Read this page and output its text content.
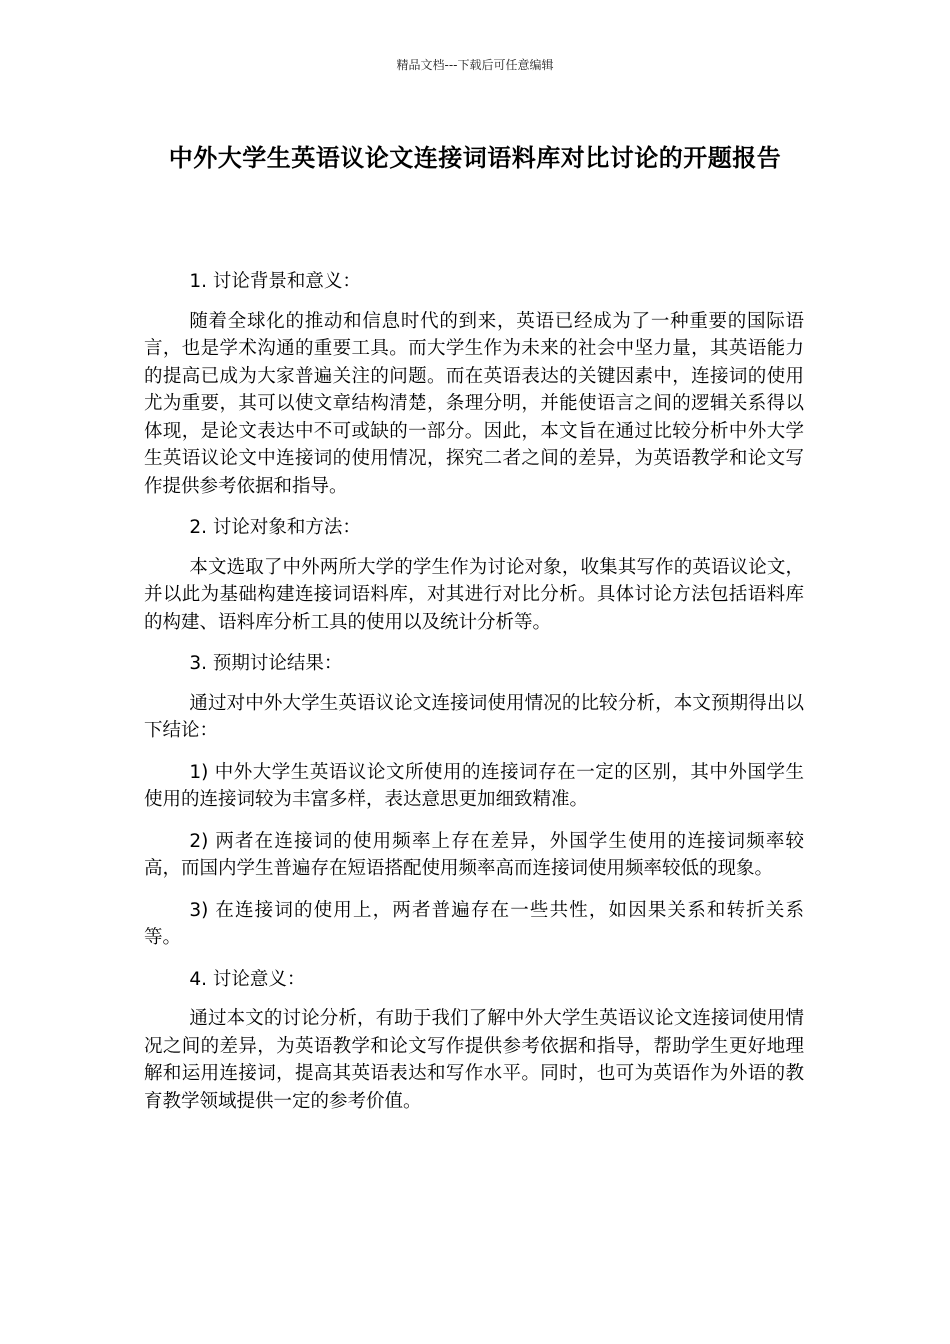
精品文档---下载后可任意编辑
中外大学生英语议论文连接词语料库对比讨论的开题报告

1. 讨论背景和意义：

随着全球化的推动和信息时代的到来，英语已经成为了一种重要的国际语言，也是学术沟通的重要工具。而大学生作为未来的社会中坚力量，其英语能力的提高已成为大家普遍关注的问题。而在英语表达的关键因素中，连接词的使用尤为重要，其可以使文章结构清楚，条理分明，并能使语言之间的逻辑关系得以体现，是论文表达中不可或缺的一部分。因此，本文旨在通过比较分析中外大学生英语议论文中连接词的使用情况，探究二者之间的差异，为英语教学和论文写作提供参考依据和指导。

2. 讨论对象和方法：

本文选取了中外两所大学的学生作为讨论对象，收集其写作的英语议论文，并以此为基础构建连接词语料库，对其进行对比分析。具体讨论方法包括语料库的构建、语料库分析工具的使用以及统计分析等。

3. 预期讨论结果：

通过对中外大学生英语议论文连接词使用情况的比较分析，本文预期得出以下结论：

1) 中外大学生英语议论文所使用的连接词存在一定的区别，其中外国学生使用的连接词较为丰富多样，表达意思更加细致精准。

2) 两者在连接词的使用频率上存在差异，外国学生使用的连接词频率较高，而国内学生普遍存在短语搭配使用频率高而连接词使用频率较低的现象。

3) 在连接词的使用上，两者普遍存在一些共性，如因果关系和转折关系等。

4. 讨论意义：

通过本文的讨论分析，有助于我们了解中外大学生英语议论文连接词使用情况之间的差异，为英语教学和论文写作提供参考依据和指导，帮助学生更好地理解和运用连接词，提高其英语表达和写作水平。同时，也可为英语作为外语的教育教学领域提供一定的参考价值。
